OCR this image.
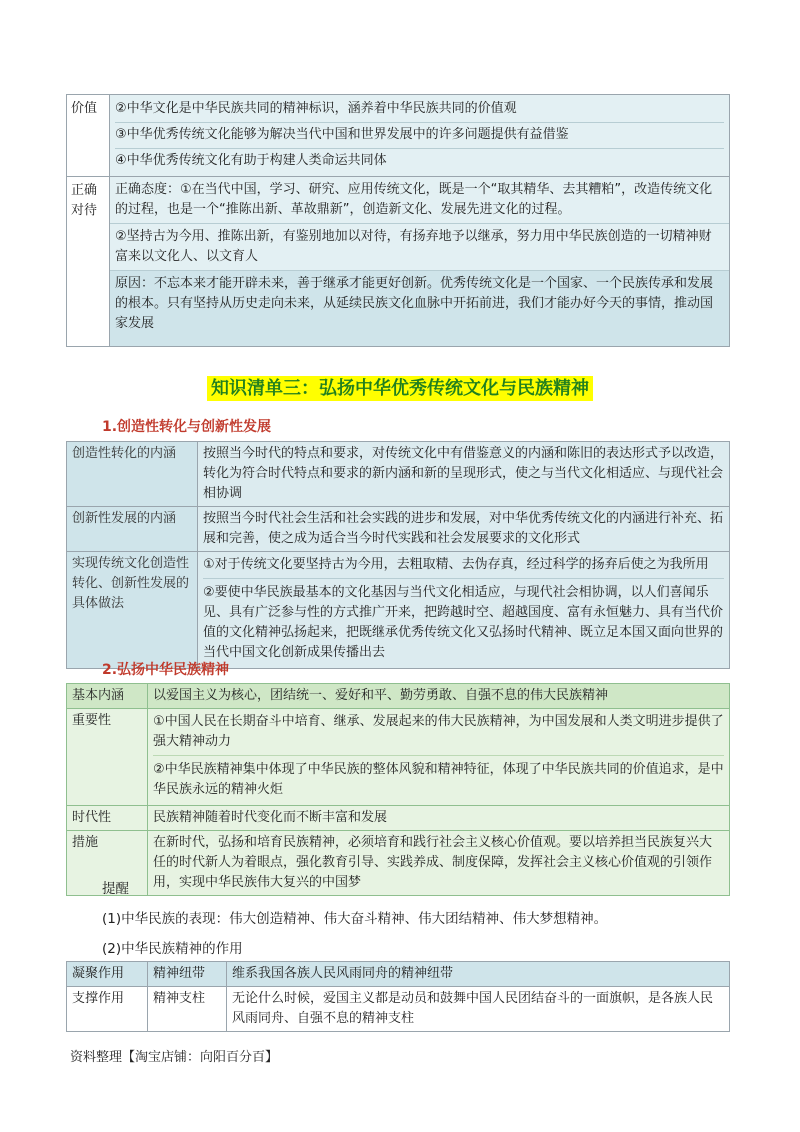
价值	②中华文化是中华民族共同的精神标识，涵养着中华民族共同的价值观
③中华优秀传统文化能够为解决当代中国和世界发展中的许多问题提供有益借鉴
④中华优秀传统文化有助于构建人类命运共同体

正确对待	正确态度：①在当代中国，学习、研究、应用传统文化，既是一个“取其精华、去其糟粕”，改造传统文化的过程，也是一个“推陈出新、革故鼎新”，创造新文化、发展先进文化的过程。
②坚持古为今用、推陈出新，有鉴别地加以对待，有扬弃地予以继承，努力用中华民族创造的一切精神财富来以文化人、以文育人
原因：不忘本来才能开辟未来，善于继承才能更好创新。优秀传统文化是一个国家、一个民族传承和发展的根本。只有坚持从历史走向未来，从延续民族文化血脉中开拓前进，我们才能办好今天的事情，推动国家发展
知识清单三：弘扬中华优秀传统文化与民族精神
1.创造性转化与创新性发展
创造性转化的内涵	按照当今时代的特点和要求，对传统文化中有借鉴意义的内涵和陈旧的表达形式予以改造，转化为符合时代特点和要求的新内涵和新的呈现形式，使之与当代文化相适应、与现代社会相协调
创新性发展的内涵	按照当今时代社会生活和社会实践的进步和发展，对中华优秀传统文化的内涵进行补充、拓展和完善，使之成为适合当今时代实践和社会发展要求的文化形式
实现传统文化创造性转化、创新性发展的具体做法	①对于传统文化要坚持古为今用，去粗取精、去伪存真，经过科学的扬弃后使之为我所用
②要使中华民族最基本的文化基因与当代文化相适应，与现代社会相协调，以人们喜闻乐见、具有广泛参与性的方式推广开来，把跨越时空、超越国度、富有永恒魅力、具有当代价值的文化精神弘扬起来，把既继承优秀传统文化又弘扬时代精神、既立足本国又面向世界的当代中国文化创新成果传播出去
2.弘扬中华民族精神
基本内涵	以爱国主义为核心，团结统一、爱好和平、勤劳勇敢、自强不息的伟大民族精神
重要性	①中国人民在长期奋斗中培育、继承、发展起来的伟大民族精神，为中国发展和人类文明进步提供了强大精神动力
②中华民族精神集中体现了中华民族的整体风貌和精神特征，体现了中华民族共同的价值追求，是中华民族永远的精神火炬

时代性	民族精神随着时代变化而不断丰富和发展
措施	在新时代，弘扬和培育民族精神，必须培育和践行社会主义核心价值观。要以培养担当民族复兴大任的时代新人为着眼点，强化教育引导、实践养成、制度保障，发挥社会主义核心价值观的引领作用，实现中华民族伟大复兴的中国梦
提醒
(1)中华民族的表现：伟大创造精神、伟大奋斗精神、伟大团结精神、伟大梦想精神。
(2)中华民族精神的作用
凝聚作用	精神纽带	维系我国各族人民风雨同舟的精神纽带
支撑作用	精神支柱	无论什么时候，爱国主义都是动员和鼓舞中国人民团结奋斗的一面旗帜，是各族人民风雨同舟、自强不息的精神支柱
资料整理【淘宝店铺：向阳百分百】
